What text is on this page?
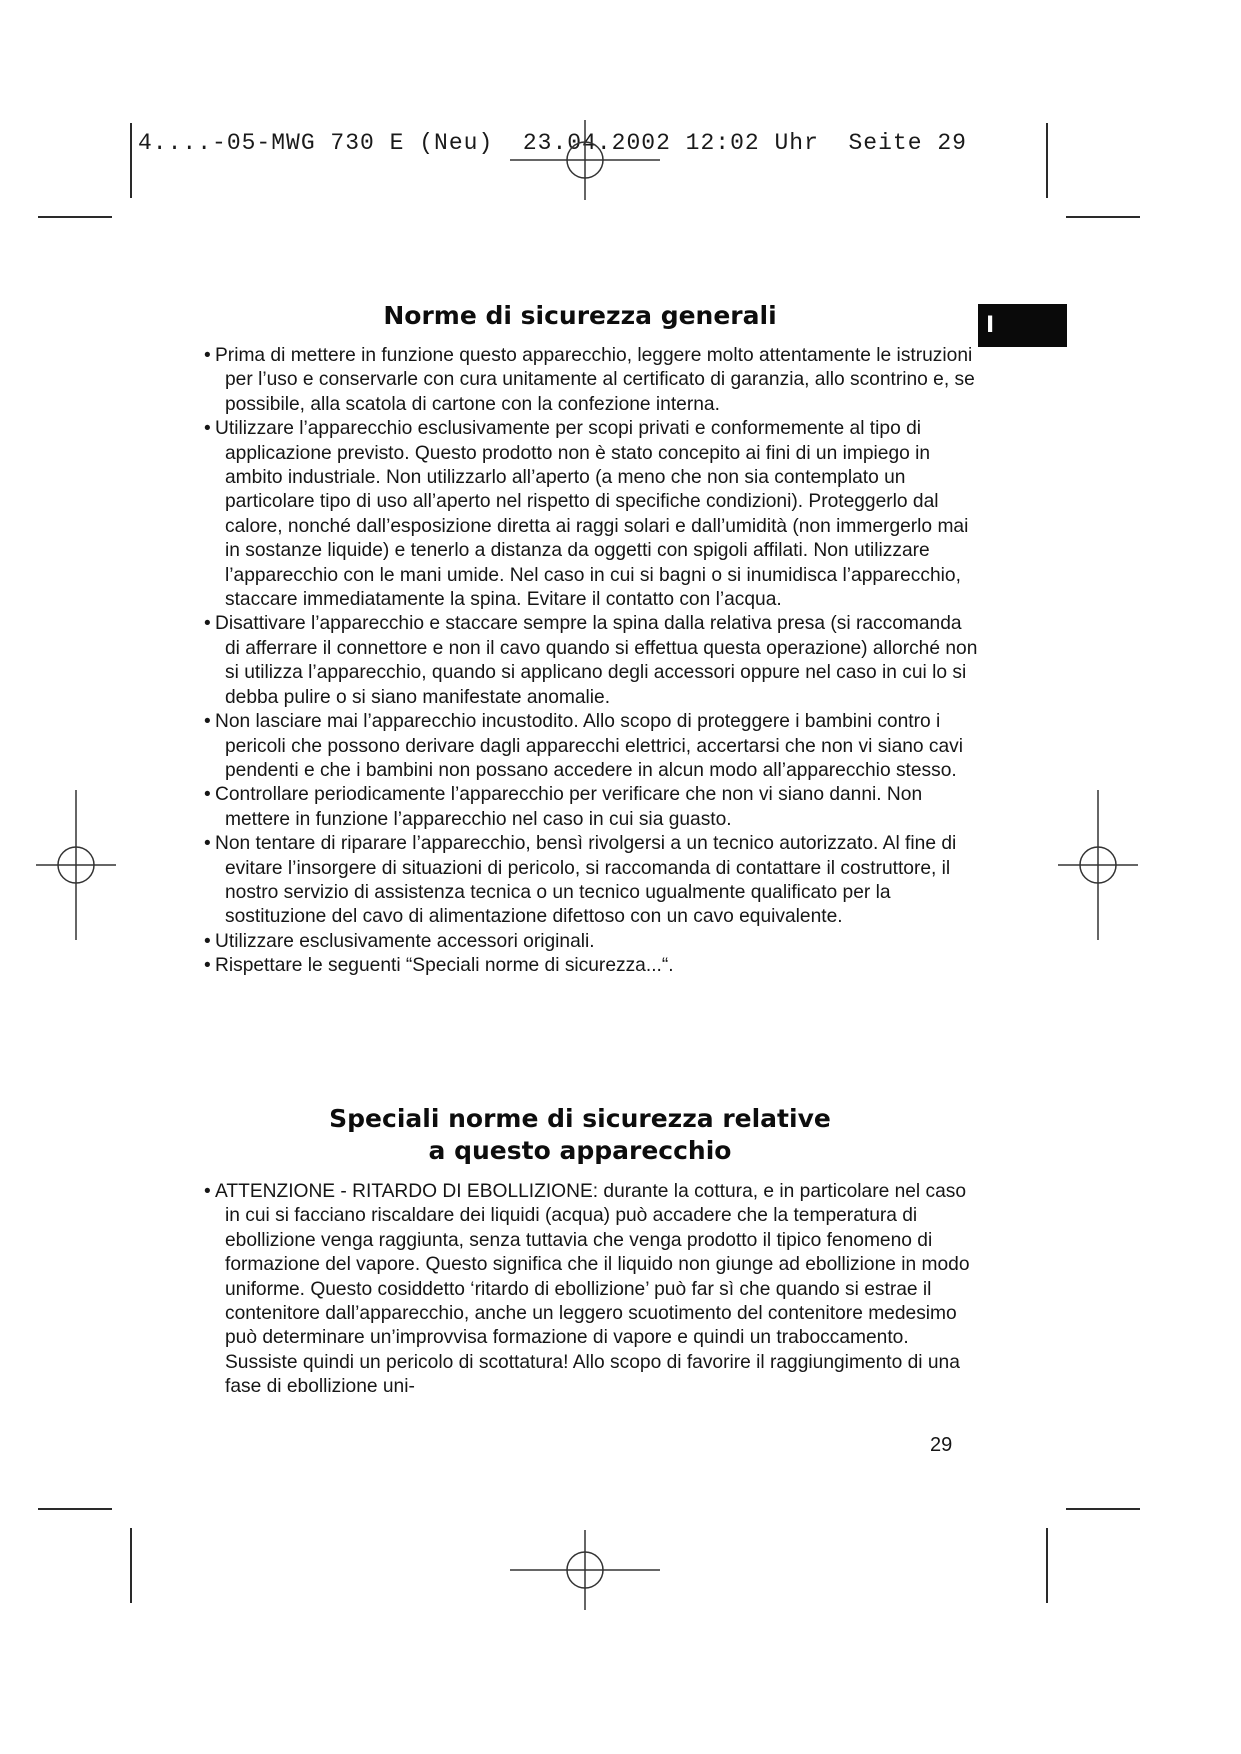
4....-05-MWG 730 E (Neu)  23.04.2002 12:02 Uhr  Seite 29
I
Norme di sicurezza generali
• Prima di mettere in funzione questo apparecchio, leggere molto attentamente le istruzioni per l’uso e conservarle con cura unitamente al certificato di garanzia, allo scontrino e, se possibile, alla scatola di cartone con la confezione interna.
• Utilizzare l’apparecchio esclusivamente per scopi privati e conformemente al tipo di applicazione previsto. Questo prodotto non è stato concepito ai fini di un impiego in ambito industriale. Non utilizzarlo all’aperto (a meno che non sia contemplato un particolare tipo di uso all’aperto nel rispetto di specifiche condizioni). Proteggerlo dal calore, nonché dall’esposizione diretta ai raggi solari e dall’umidità (non immergerlo mai in sostanze liquide) e tenerlo a distanza da oggetti con spigoli affilati. Non utilizzare l’apparecchio con le mani umide. Nel caso in cui si bagni o si inumidisca l’apparecchio, staccare immediatamente la spina. Evitare il contatto con l’acqua.
• Disattivare l’apparecchio e staccare sempre la spina dalla relativa presa (si raccomanda di afferrare il connettore e non il cavo quando si effettua questa operazione) allorché non si utilizza l’apparecchio, quando si applicano degli accessori oppure nel caso in cui lo si debba pulire o si siano manifestate anomalie.
• Non lasciare mai l’apparecchio incustodito. Allo scopo di proteggere i bambini contro i pericoli che possono derivare dagli apparecchi elettrici, accertarsi che non vi siano cavi pendenti e che i bambini non possano accedere in alcun modo all’apparecchio stesso.
• Controllare periodicamente l’apparecchio per verificare che non vi siano danni. Non mettere in funzione l’apparecchio nel caso in cui sia guasto.
• Non tentare di riparare l’apparecchio, bensì rivolgersi a un tecnico autorizzato. Al fine di evitare l’insorgere di situazioni di pericolo, si raccomanda di contattare il costruttore, il nostro servizio di assistenza tecnica o un tecnico ugualmente qualificato per la sostituzione del cavo di alimentazione difettoso con un cavo equivalente.
• Utilizzare esclusivamente accessori originali.
• Rispettare le seguenti “Speciali norme di sicurezza...“.
Speciali norme di sicurezza relative
a questo apparecchio
• ATTENZIONE - RITARDO DI EBOLLIZIONE: durante la cottura, e in particolare nel caso in cui si facciano riscaldare dei liquidi (acqua) può accadere che la temperatura di ebollizione venga raggiunta, senza tuttavia che venga prodotto il tipico fenomeno di formazione del vapore. Questo significa che il liquido non giunge ad ebollizione in modo uniforme. Questo cosiddetto ‘ritardo di ebollizione’ può far sì che quando si estrae il contenitore dall’apparecchio, anche un leggero scuotimento del contenitore medesimo può determinare un’improvvisa formazione di vapore e quindi un traboccamento. Sussiste quindi un pericolo di scottatura! Allo scopo di favorire il raggiungimento di una fase di ebollizione uni-
29
